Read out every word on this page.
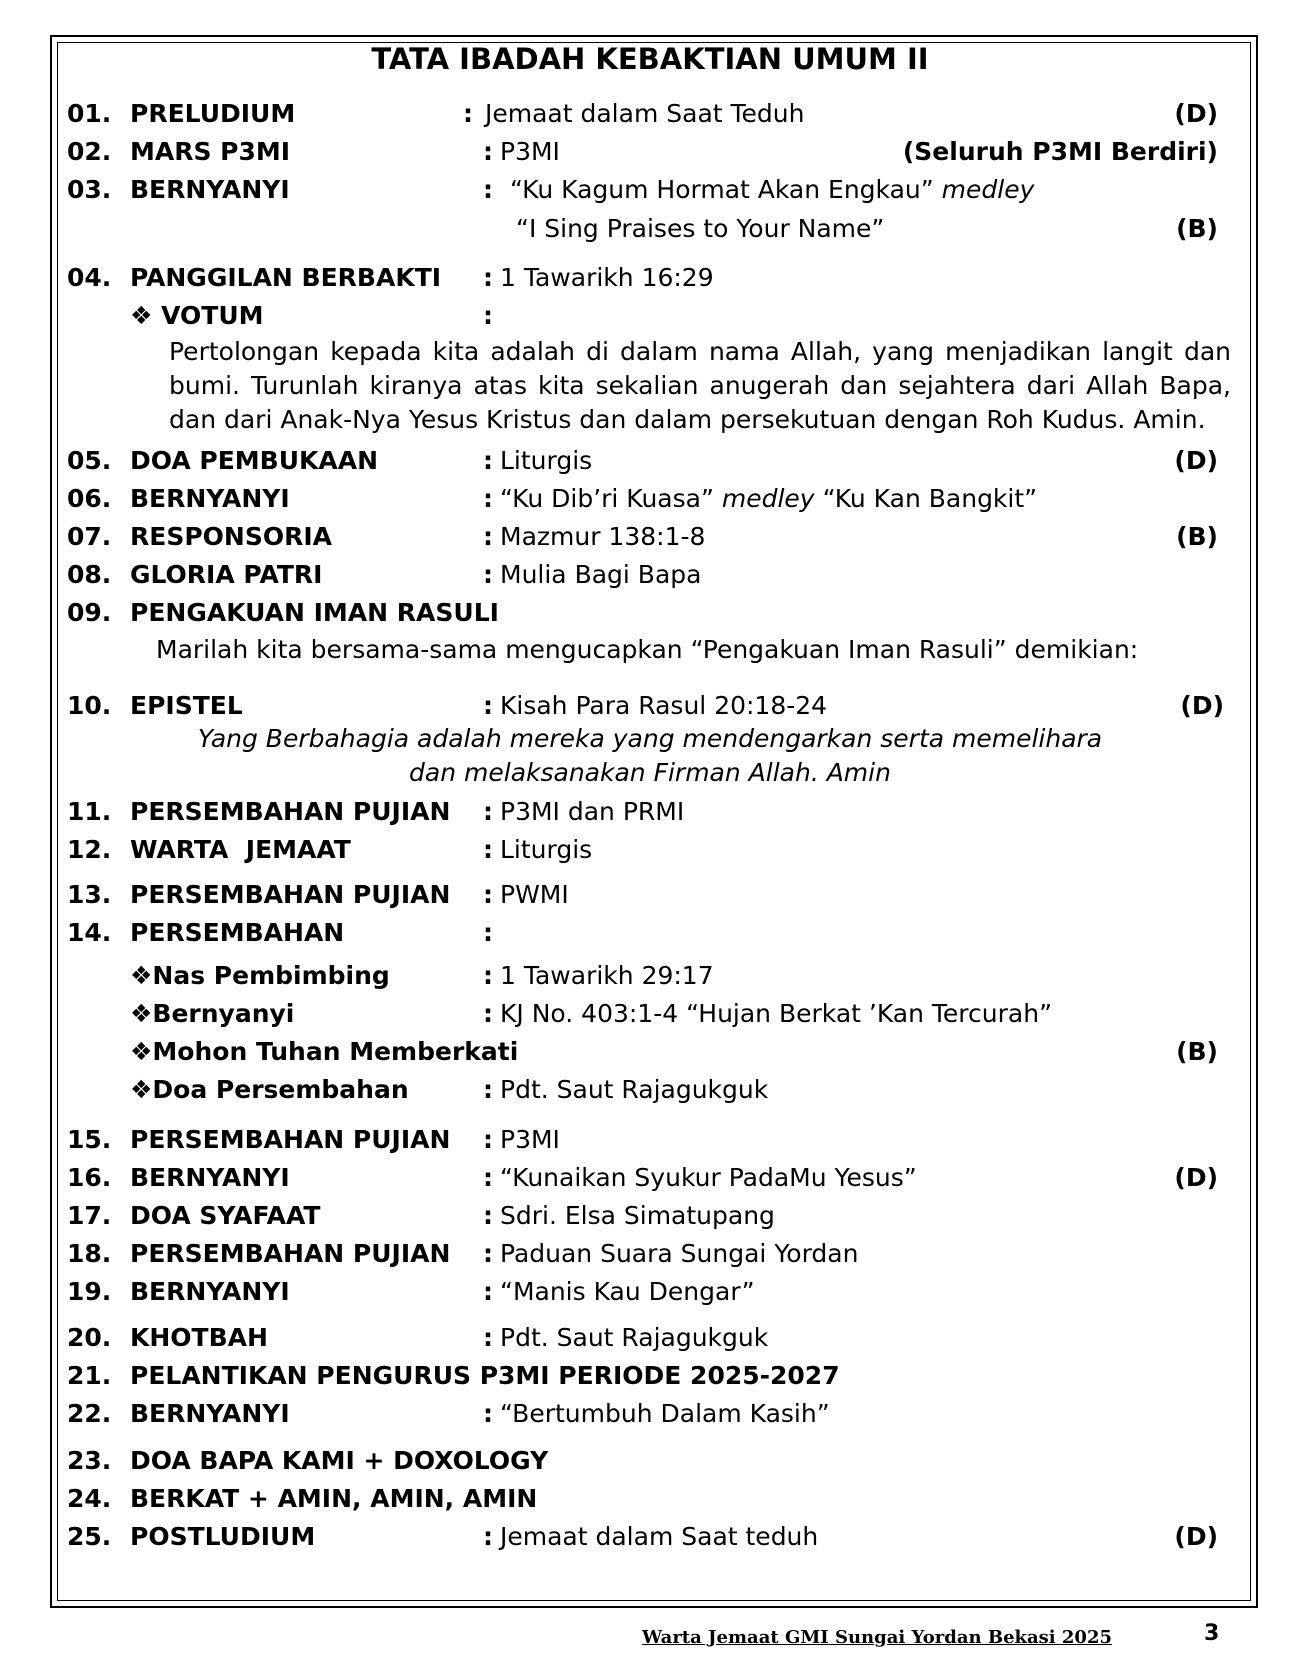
TATA IBADAH KEBAKTIAN UMUM II
01. PRELUDIUM	: Jemaat dalam Saat Teduh	(D)
02. MARS P3MI	: P3MI	(Seluruh P3MI Berdiri)
03. BERNYANYI	: “Ku Kagum Hormat Akan Engkau” medley
“I Sing Praises to Your Name”	(B)
04. PANGGILAN BERBAKTI : 1 Tawarikh 16:29
❖ VOTUM	:
Pertolongan kepada kita adalah di dalam nama Allah, yang menjadikan langit dan bumi. Turunlah kiranya atas kita sekalian anugerah dan sejahtera dari Allah Bapa, dan dari Anak-Nya Yesus Kristus dan dalam persekutuan dengan Roh Kudus. Amin.
05. DOA PEMBUKAAN	: Liturgis	(D)
06. BERNYANYI	: “Ku Dib’ri Kuasa” medley “Ku Kan Bangkit”
07. RESPONSORIA	: Mazmur 138:1-8	(B)
08. GLORIA PATRI	: Mulia Bagi Bapa
09. PENGAKUAN IMAN RASULI
Marilah kita bersama-sama mengucapkan “Pengakuan Iman Rasuli” demikian:
10. EPISTEL	: Kisah Para Rasul 20:18-24	(D)
Yang Berbahagia adalah mereka yang mendengarkan serta memelihara
dan melaksanakan Firman Allah. Amin
11. PERSEMBAHAN PUJIAN : P3MI dan PRMI
12. WARTA  JEMAAT	: Liturgis
13. PERSEMBAHAN PUJIAN : PWMI
14. PERSEMBAHAN	:
❖Nas Pembimbing	: 1 Tawarikh 29:17
❖Bernyanyi	: KJ No. 403:1-4 “Hujan Berkat ’Kan Tercurah”
❖Mohon Tuhan Memberkati	(B)
❖Doa Persembahan	: Pdt. Saut Rajagukguk
15. PERSEMBAHAN PUJIAN : P3MI
16. BERNYANYI	: “Kunaikan Syukur PadaMu Yesus”	(D)
17. DOA SYAFAAT	: Sdri. Elsa Simatupang
18. PERSEMBAHAN PUJIAN : Paduan Suara Sungai Yordan
19. BERNYANYI	: “Manis Kau Dengar”
20. KHOTBAH	: Pdt. Saut Rajagukguk
21. PELANTIKAN PENGURUS P3MI PERIODE 2025-2027
22. BERNYANYI	: “Bertumbuh Dalam Kasih”
23. DOA BAPA KAMI + DOXOLOGY
24. BERKAT + AMIN, AMIN, AMIN
25. POSTLUDIUM	: Jemaat dalam Saat teduh	(D)
Warta Jemaat GMI Sungai Yordan Bekasi 2025	3
